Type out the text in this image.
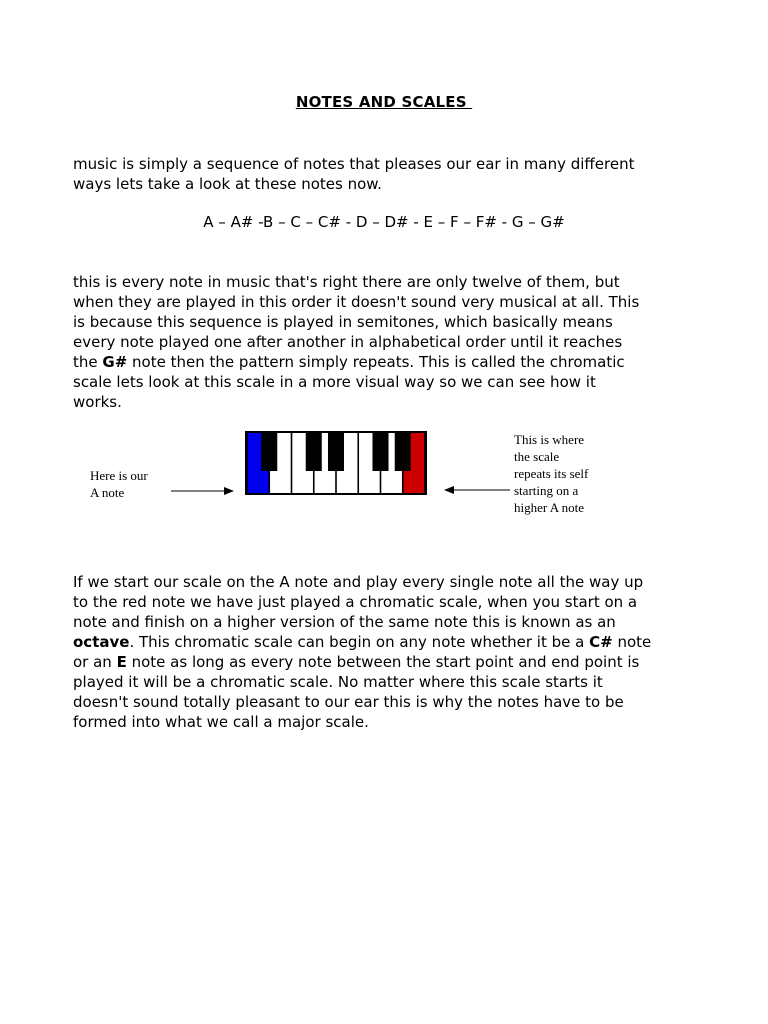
NOTES AND SCALES

music is simply a sequence of notes that pleases our ear in many different
ways lets take a look at these notes now.

A – A# -B – C – C# - D – D# - E – F – F# - G – G#

this is every note in music that's right there are only twelve of them, but
when they are played in this order it doesn't sound very musical at all. This
is because this sequence is played in semitones, which basically means
every note played one after another in alphabetical order until it reaches
the G# note then the pattern simply repeats. This is called the chromatic
scale lets look at this scale in a more visual way so we can see how it
works.

Here is our
A note

This is where
the scale
repeats its self
starting on a
higher A note

If we start our scale on the A note and play every single note all the way up
to the red note we have just played a chromatic scale, when you start on a
note and finish on a higher version of the same note this is known as an
octave. This chromatic scale can begin on any note whether it be a C# note
or an E note as long as every note between the start point and end point is
played it will be a chromatic scale. No matter where this scale starts it
doesn't sound totally pleasant to our ear this is why the notes have to be
formed into what we call a major scale.
